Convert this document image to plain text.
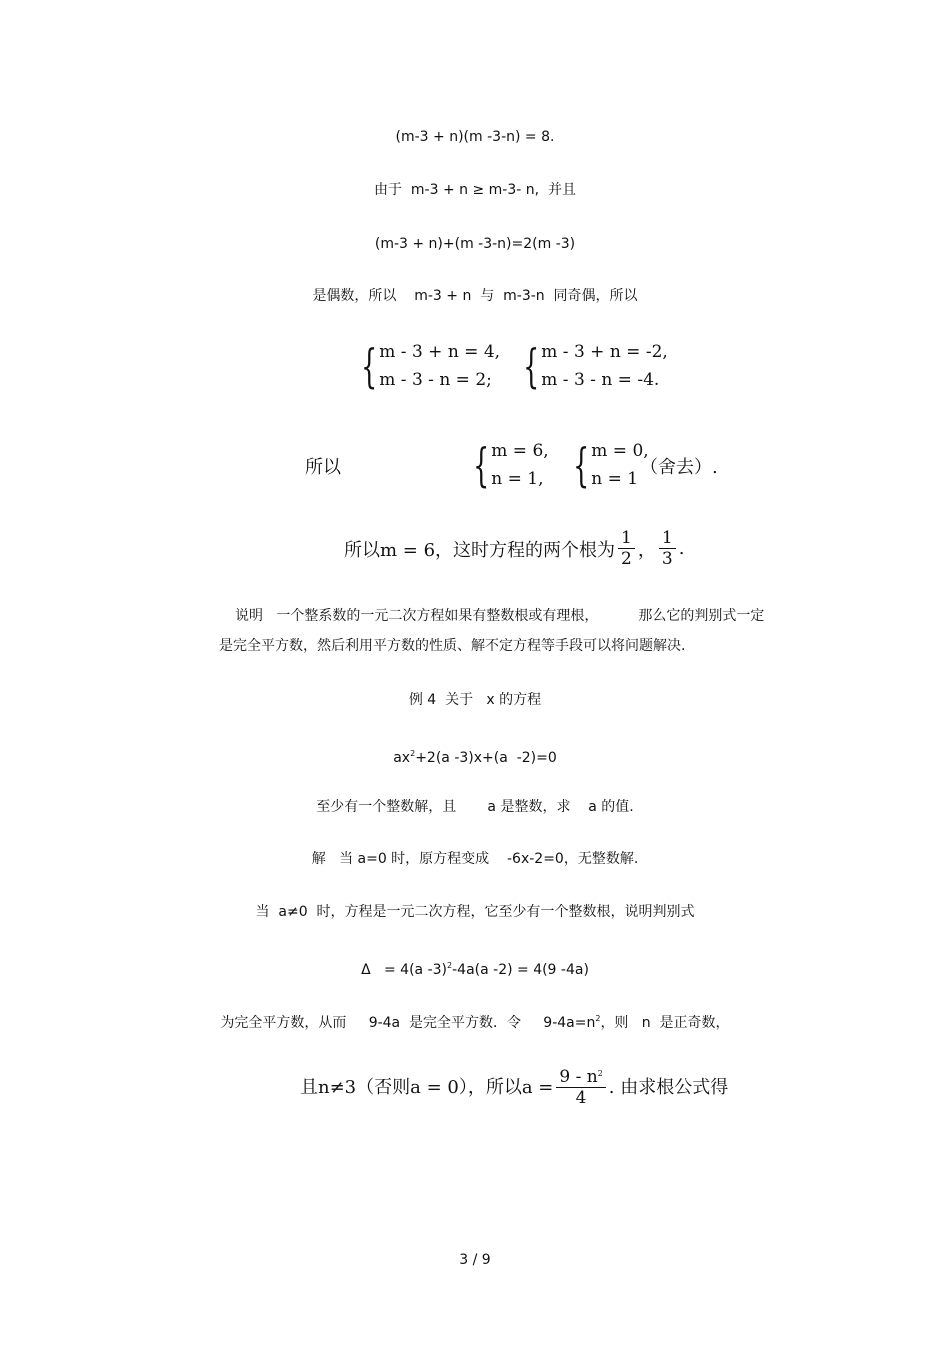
(m-3 + n)(m -3-n) = 8.
由于  m-3 + n ≥ m-3- n,  并且
(m-3 + n)+(m -3-n)=2(m -3)
是偶数，所以    m-3 + n  与  m-3-n  同奇偶，所以
{ m - 3 + n = 4,
m - 3 - n = 2; { m - 3 + n = -2,
m - 3 - n = -4.
所以	{ m = 6,
n = 1, { m = 0,
n = 1
（舍去）.
所以m = 6，这时方程的两个根为 $\frac{1}{2}$ ， $\frac{1}{3}$ .
说明   一个整系数的一元二次方程如果有整数根或有理根，         那么它的判别式一定
是完全平方数，然后利用平方数的性质、解不定方程等手段可以将问题解决.
例 4  关于   x 的方程
$ax^2+2(a$ -3)x+(a  -2)=0
至少有一个整数解，且       a 是整数，求    a 的值.
解   当 a=0 时，原方程变成    -6x-2=0，无整数解.
当  a≠0  时，方程是一元二次方程，它至少有一个整数根，说明判别式
Δ   = 4(a -3)$^2$-4a(a -2) = 4(9 -4a)
为完全平方数，从而     9-4a  是完全平方数．令     $9-4a=n^2$，则   n  是正奇数，
且n≠3（否则a = 0），所以$a = \frac{9 - n^2}{4}$ . 由求根公式得
3 / 9
